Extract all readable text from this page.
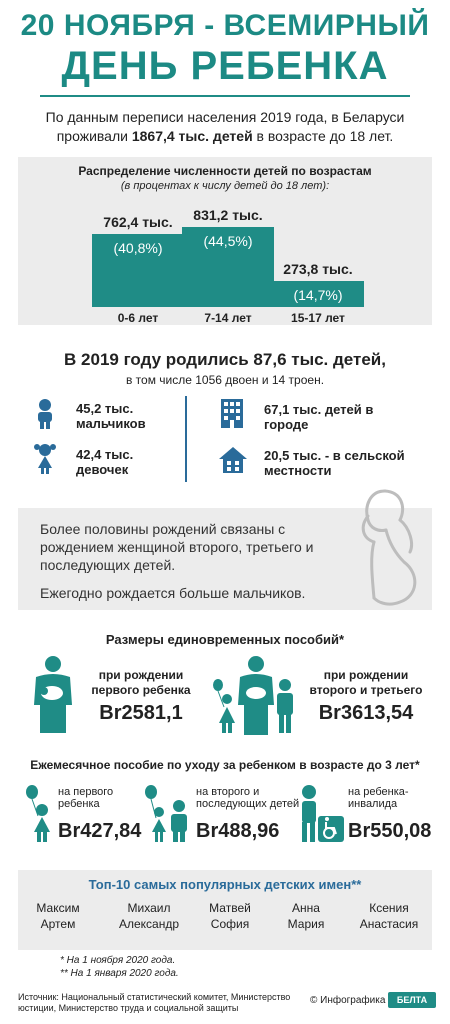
20 НОЯБРЯ - ВСЕМИРНЫЙ
ДЕНЬ РЕБЕНКА
По данным переписи населения 2019 года, в Беларуси
проживали 1867,4 тыс. детей в возрасте до 18 лет.
Распределение численности детей по возрастам
(в процентах к числу детей до 18 лет):
762,4 тыс.
(40,8%)
0-6 лет
831,2 тыс.
(44,5%)
7-14 лет
273,8 тыс.
(14,7%)
15-17 лет
В 2019 году родились 87,6 тыс. детей,
в том числе 1056 двоен и 14 троен.
45,2 тыс. мальчиков
42,4 тыс. девочек
67,1 тыс. детей в городе
20,5 тыс. - в сельской местности
Более половины рождений связаны с рождением женщиной второго, третьего и последующих детей.
Ежегодно рождается больше мальчиков.
Размеры единовременных пособий*
при рождении первого ребенка
Br2581,1
при рождении второго и третьего
Br3613,54
Ежемесячное пособие по уходу за ребенком в возрасте до 3 лет*
на первого ребенка
Br427,84
на второго и последующих детей
Br488,96
на ребенка-инвалида
Br550,08
Топ-10 самых популярных детских имен**
Максим
Артем
Михаил
Александр
Матвей
София
Анна
Мария
Ксения
Анастасия
* На 1 ноября 2020 года.
** На 1 января 2020 года.
Источник: Национальный статистический комитет, Министерство юстиции, Министерство труда и социальной защиты
© Инфографика	БЕЛТА
